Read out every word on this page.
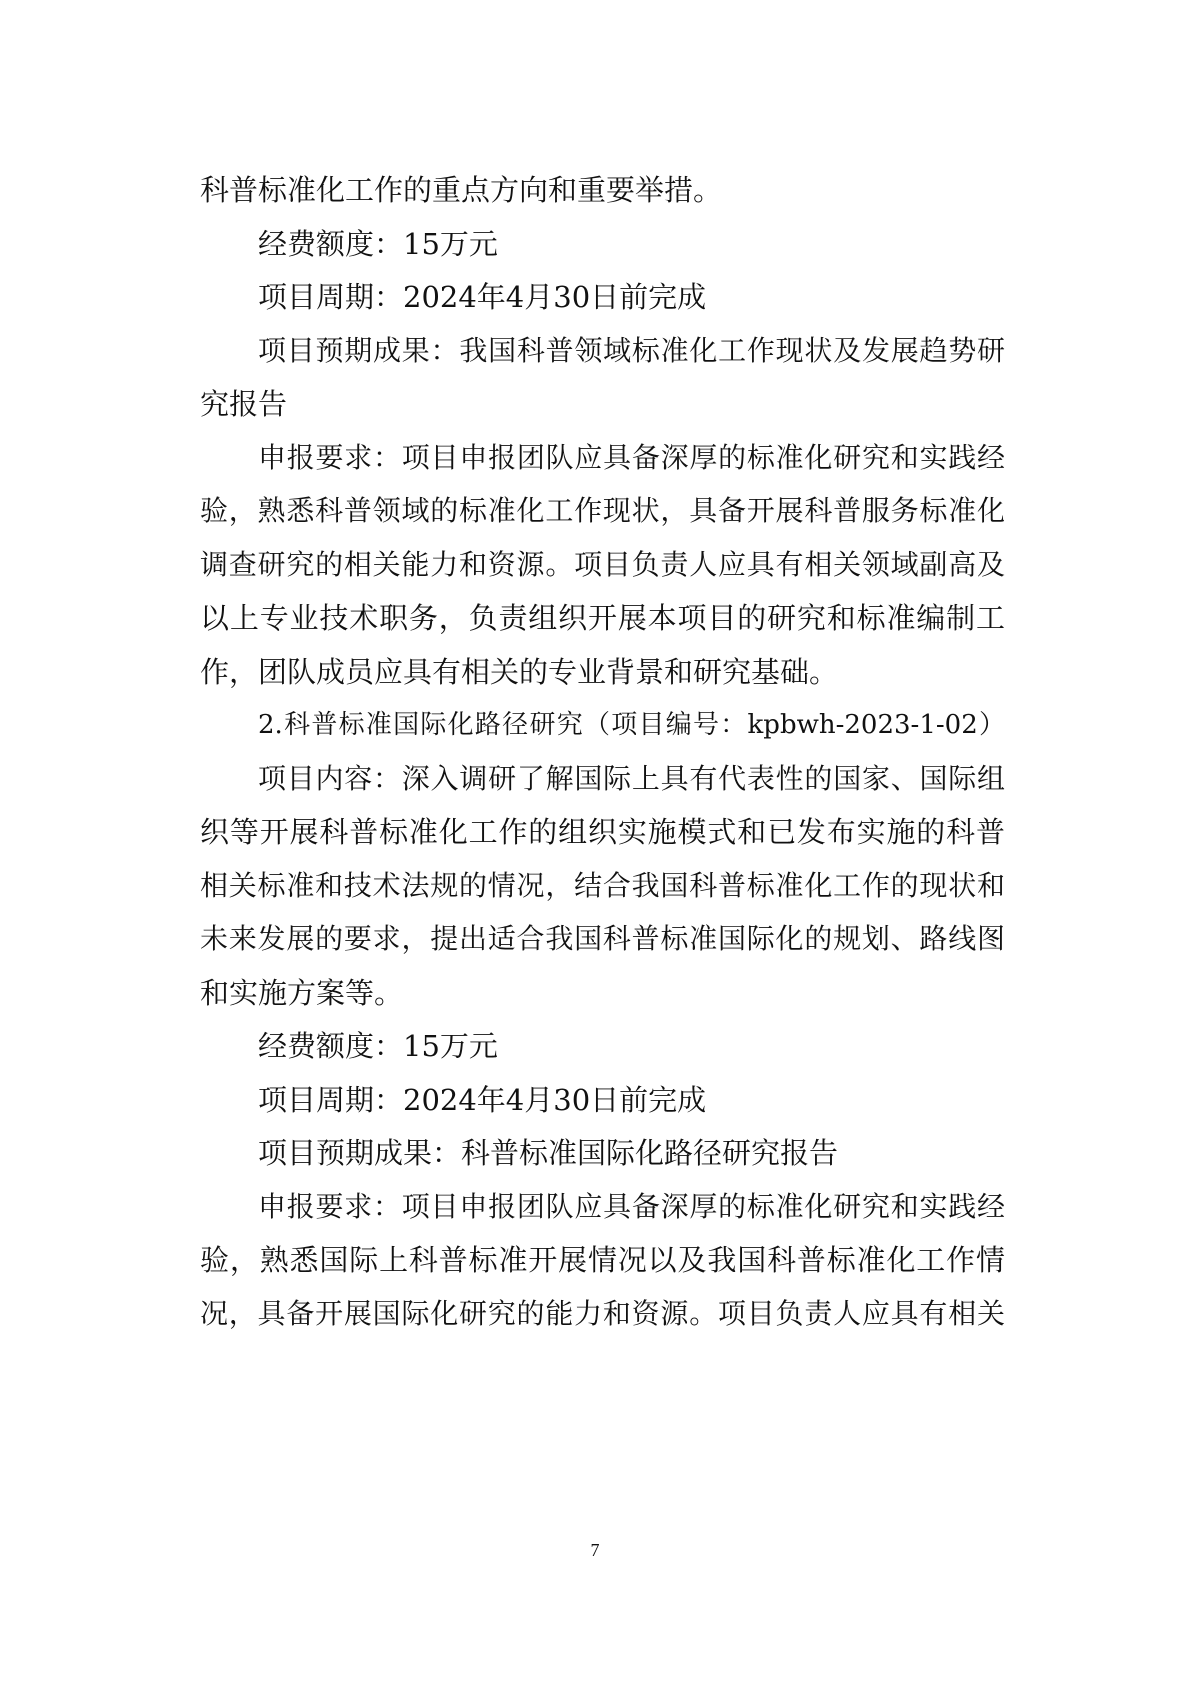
科普标准化工作的重点方向和重要举措。
经费额度：15万元
项目周期：2024年4月30日前完成
项目预期成果：我国科普领域标准化工作现状及发展趋势研
究报告
申报要求：项目申报团队应具备深厚的标准化研究和实践经
验，熟悉科普领域的标准化工作现状，具备开展科普服务标准化
调查研究的相关能力和资源。项目负责人应具有相关领域副高及
以上专业技术职务，负责组织开展本项目的研究和标准编制工
作，团队成员应具有相关的专业背景和研究基础。
2.科普标准国际化路径研究（项目编号：kpbwh-2023-1-02）
项目内容：深入调研了解国际上具有代表性的国家、国际组
织等开展科普标准化工作的组织实施模式和已发布实施的科普
相关标准和技术法规的情况，结合我国科普标准化工作的现状和
未来发展的要求，提出适合我国科普标准国际化的规划、路线图
和实施方案等。
经费额度：15万元
项目周期：2024年4月30日前完成
项目预期成果：科普标准国际化路径研究报告
申报要求：项目申报团队应具备深厚的标准化研究和实践经
验，熟悉国际上科普标准开展情况以及我国科普标准化工作情
况，具备开展国际化研究的能力和资源。项目负责人应具有相关
7
